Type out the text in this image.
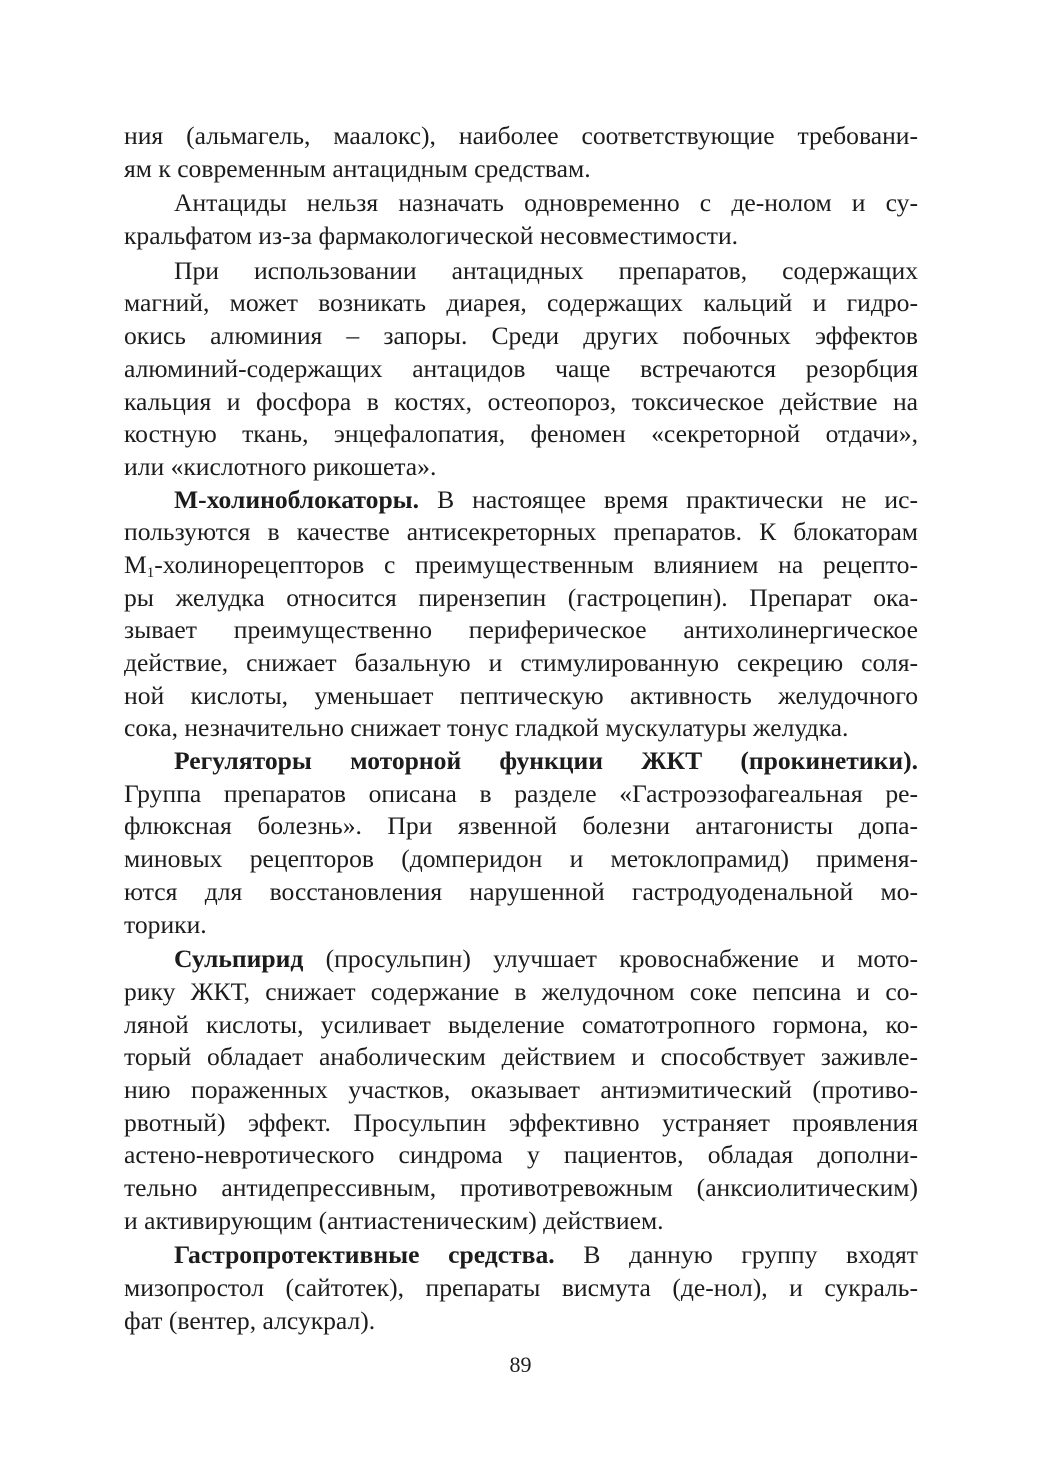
ния (альмагель, маалокс), наиболее соответствующие требовани-
ям к современным антацидным средствам.
Антациды нельзя назначать одновременно с де-нолом и су-
кральфатом из-за фармакологической несовместимости.
При использовании антацидных препаратов, содержащих
магний, может возникать диарея, содержащих кальций и гидро-
окись алюминия – запоры. Среди других побочных эффектов
алюминий-содержащих антацидов чаще встречаются резорбция
кальция и фосфора в костях, остеопороз, токсическое действие на
костную ткань, энцефалопатия, феномен «секреторной отдачи»,
или «кислотного рикошета».
М-холиноблокаторы. В настоящее время практически не ис-
пользуются в качестве антисекреторных препаратов. К блокаторам
$М_1$-холинорецепторов с преимущественным влиянием на рецепто-
ры желудка относится пирензепин (гастроцепин). Препарат ока-
зывает преимущественно периферическое антихолинергическое
действие, снижает базальную и стимулированную секрецию соля-
ной кислоты, уменьшает пептическую активность желудочного
сока, незначительно снижает тонус гладкой мускулатуры желудка.
Регуляторы моторной функции ЖКТ (прокинетики).
Группа препаратов описана в разделе «Гастроэзофагеальная ре-
флюксная болезнь». При язвенной болезни антагонисты допа-
миновых рецепторов (домперидон и метоклопрамид) применя-
ются для восстановления нарушенной гастродуоденальной мо-
торики.
Сульпирид (просульпин) улучшает кровоснабжение и мото-
рику ЖКТ, снижает содержание в желудочном соке пепсина и со-
ляной кислоты, усиливает выделение соматотропного гормона, ко-
торый обладает анаболическим действием и способствует заживле-
нию пораженных участков, оказывает антиэмитический (противо-
рвотный) эффект. Просульпин эффективно устраняет проявления
астено-невротического синдрома у пациентов, обладая дополни-
тельно антидепрессивным, противотревожным (анксиолитическим)
и активирующим (антиастеническим) действием.
Гастропротективные средства. В данную группу входят
мизопростол (сайтотек), препараты висмута (де-нол), и сукраль-
фат (вентер, алсукрал).
89
